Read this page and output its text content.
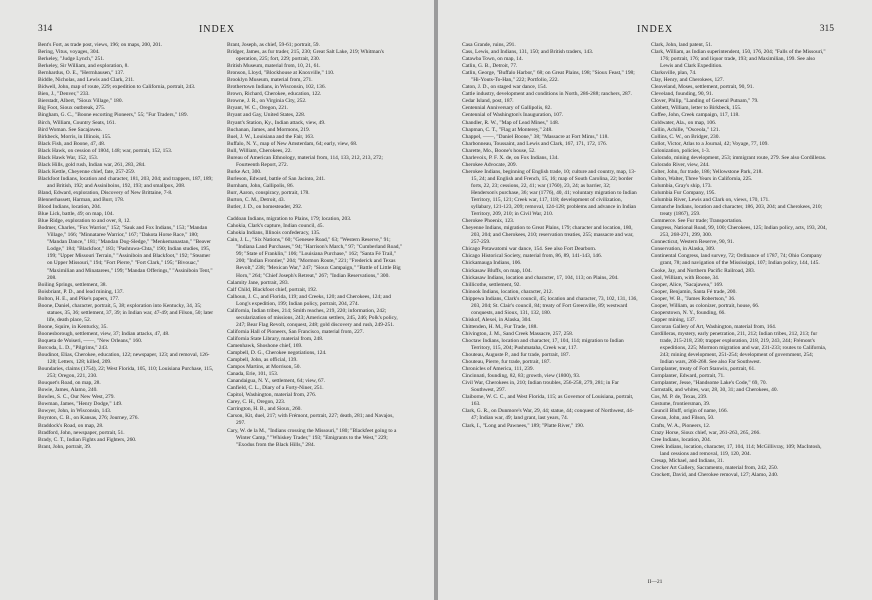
314	INDEX
Bent's Fort, as trade post, views, 196; on maps, 200, 201.
Bering, Vitus, voyages, 304.
Berkeley, "Judge Lynch," 251.
Berkeley, Sir William, and exploration, 8.
Bernhardus, O. E., "Herrnhausen," 137.
Biddle, Nicholas, and Lewis and Clark, 211.
Bidwell, John, map of route, 229; expedition to California, portrait, 243.
Bien, J., "Denver," 233.
Bierstadt, Albert, "Sioux Village," 180.
Big Foot, Sioux outbreak, 275.
Bingham, G. C., "Boone escorting Pioneers," 55; "Fur Traders," 189.
Birch, William, Country Seats, 161.
Bird Woman. See Sacajawea.
Birkbeck, Morris, in Illinois, 155.
Black Fish, and Boone, 47, 48.
Black Hawk, on cession of 1804, 148; war, portrait, 152, 153.
Black Hawk War, 152, 153.
Black Hills, gold rush, Indian war, 261, 283, 284.
Black Kettle, Cheyenne chief, fate, 257-259.
Blackfoot Indians, location and character, 181, 203, 204; and trappers, 187, 189; and British, 192; and Assiniboins, 192, 193; and smallpox, 208.
Bland, Edward, exploration, Discovery of New Brittaine, 7-8.
Blennerhassett, Harman, and Burr, 178.
Blood Indians, location, 204.
Blue Lick, battle, 49; on map, 104.
Blue Ridge, exploration to and over, 8, 12.
Bodmer, Charles, "Fox Warrior," 152; "Sauk and Fox Indians," 153; "Mandan Village," 166; "Minnataree Warrior," 167; "Dakota Horse Race," 180; "Mandan Dance," 181; "Mandan Dog-Sledge," "Menkemanastan," "Beaver Lodge," 184; "Blackfoot," 183; "Pashtuwa-Chta," 190; Indian studies, 195, 199; "Upper Missouri Terrain," "Assiniboin and Blackfoot," 192; "Steamer on Upper Missouri," 194; "Fort Pierre," "Fort Clark," 195; "Bivouac," "Maximilian and Minatarees," 199; "Mandan Offerings," "Assiniboin Tent," 208.
Boiling Springs, settlement, 38.
Boisbriant, P. D., and lead mining, 137.
Bolton, H. E., and Pike's papers, 177.
Boone, Daniel, character, portrait, 5, 38; exploration into Kentucky, 34, 35; statues, 35, 36; settlement, 37, 39; in Indian war, 47-49; and Filson, 50; later life, death place, 52.
Boone, Squire, in Kentucky, 35.
Boonesborough, settlement, view, 37; Indian attacks, 47, 48.
Boqueta de Woiseri, ——, "New Orleans," 160.
Borcoda, L. D., "Pilgrims," 243.
Boudinot, Elias, Cherokee, education, 122; newspaper, 123; and removal, 126-128; Letters, 128; killed, 209.
Boundaries, claims (1754), 22; West Florida, 105, 110; Louisiana Purchase, 115, 253; Oregon, 221, 230.
Bouquet's Road, on map, 28.
Bowie, James, Alamo, 240.
Bowles, S. C., Our New West, 279.
Bowman, James, "Henry Dodge," 149.
Bowyer, John, in Wisconsin, 143.
Boynton, C. B., on Kansas, 276; Journey, 276.
Braddock's Road, on map, 28.
Bradford, John, newspaper, portrait, 51.
Brady, C. T., Indian Fights and Fighters, 260.
Brant, John, portrait, 39.
Brant, Joseph, as chief, 59-61; portrait, 59.
Bridger, James, as fur trader, 215, 230; Great Salt Lake, 219; Whitman's operation, 225; fort, 229; portrait, 230.
British Museum, material from, 10, 21, 61.
Bronson, Lloyd, "Blockhouse at Knoxville," 110.
Brooklyn Museum, material from, 271.
Brothertown Indians, in Wisconsin, 102, 136.
Brown, Richard, Cherokee, education, 122.
Browne, J. R., on Virginia City, 252.
Bryant, W. C., Oregon, 221.
Bryant and Gay, United States, 228.
Bryant's Station, Ky., Indian attack, view, 49.
Buchanan, James, and Mormons, 219.
Buel, J. W., Louisiana and the Fair, 163.
Buffalo, N. Y., map of New Amsterdam, 64; early, view, 68.
Bull, William, Cherokees, 22.
Bureau of American Ethnology, material from, 114, 133, 212, 213, 272; Fourteenth Report, 272.
Burke Act, 300.
Burleson, Edward, battle of San Jacinto, 241.
Burnham, John, Gallipolis, 86.
Burr, Aaron, conspiracy, portrait, 178.
Burton, C. M., Detroit, 43.
Butler, J. D., on homesteader, 292.
Caddoan Indians, migration to Plains, 179; location, 203.
Cahokia, Clark's capture, Indian council, 45.
Cahokia Indians, Illinois confederacy, 135.
Cain, J. L., "Six Nations," 60; "Genesee Road," 63; "Western Reserve," 91; "Indiana Land Purchases," 94; "Harrison's March," 97; "Cumberland Road," 99; "State of Franklin," 106; "Louisiana Purchase," 162; "Santa Fé Trail," 200; "Indian Frontier," 204; "Mormon Route," 221; "Frederick and Texas Revolt," 238; "Mexican War," 247; "Sioux Campaign," "Battle of Little Big Horn," 264; "Chief Joseph's Retreat," 267; "Indian Reservations," 300.
Calamity Jane, portrait, 283.
Calf Child, Blackfoot chief, portrait, 192.
Calhoun, J. C., and Florida, 119; and Creeks, 120; and Cherokees, 124; and Long's expedition, 199; Indian policy, portrait, 204, 274.
California, Indian tribes, 214; Smith reaches, 219, 220; information, 242; secularization of missions, 243; American settlers, 245, 246; Polk's policy, 247; Bear Flag Revolt, conquest, 248; gold discovery and rush, 249-251.
California Hall of Pioneers, San Francisco, material from, 227.
California State Library, material from, 248.
Camenhawk, Shoshone chief, 169.
Campbell, D. G., Cherokee negotiations, 124.
Campbell, John, as official, 139.
Campos Martins, at Morrison, 50.
Canada, Erie, 101, 153.
Canandaigua, N. Y., settlement, 64; view, 67.
Canfield, C. L., Diary of a Forty-Niner, 251.
Capitol, Washington, material from, 276.
Carey, C. H., Oregon, 223.
Carrington, H. B., and Sioux, 260.
Carson, Kit, duel, 217; with Frémont, portrait, 227; death, 281; and Navajos, 297.
Cary, W. de la M., "Indians crossing the Missouri," 180; "Blackfeet going to a Winter Camp," "Whiskey Trader," 193; "Emigrants to the West," 229; "Exodus from the Black Hills," 284.
INDEX	315
Casa Grande, ruins, 291.
Cass, Lewis, and Indians, 131, 150; and British traders, 143.
Catawba Town, on map, 14.
Catlin, G. B., Detroit, 77.
Catlin, George, "Buffalo Harbor," 68; on Great Plains, 198; "Sioux Feast," 198; "Hi-Youts-To-Han," 222; Portfolio, 222.
Caton, J. D., on staged war dance, 154.
Cattle industry, development and conditions in North, 286-288; ranchers, 287.
Cedar Island, post, 187.
Centennial Anniversary of Gallipolis, 82.
Centennial of Washington's Inauguration, 107.
Chandler, R. W., "Map of Lead Mines," 148.
Chapman, C. T., "Flag at Monterey," 248.
Chappel, ——, "Daniel Boone," 38; "Massacre at Fort Mims," 118.
Charbonneau, Toussaint, and Lewis and Clark, 167, 171, 172, 176.
Charette, Mo., Boone's house, 52.
Charlevoix, P. F. X. de, on Fox Indians, 134.
Cherokee Advocate, 209.
Cherokee Indians, beginning of English trade, 10; culture and country, map, 13-15, 24; and English and French, 15, 16; map of South Carolina, 22; border forts, 22, 23; cessions, 22, 41; war (1760), 23, 24; as barrier, 32; Henderson's purchase, 36; war (1776), 40, 41; voluntary migration to Indian Territory, 115, 121; Creek war, 117, 118; development of civilization, syllabary, 121-123, 209; removal, 124-128; problems and advance in Indian Territory, 209, 210; in Civil War, 210.
Cherokee Phoenix, 123.
Cheyenne Indians, migration to Great Plains, 179; character and location, 180, 203, 204; and Cherokees, 210; reservation treaties, 255; massacre and war, 257-259.
Chicago Potawatomi war dance, 154. See also Fort Dearborn.
Chicago Historical Society, material from, 86, 89, 141-143, 146.
Chickamauga Indians, 106.
Chickasaw Bluffs, on map, 104.
Chickasaw Indians, location and character, 17, 104, 113; on Plains, 204.
Chillicothe, settlement, 92.
Chinook Indians, location, character, 212.
Chippewa Indians, Clark's council, 45; location and character, 73, 102, 131, 136, 203, 204; St. Clair's council, 84; treaty of Fort Greenville, 89; westward conquests, and Sioux, 131, 132, 180.
Chiskof, Alexei, in Alaska, 304.
Chittenden, H. M., Fur Trade, 188.
Chivington, J. M., Sand Creek Massacre, 257, 258.
Choctaw Indians, location and character, 17, 104, 114; migration to Indian Territory, 115, 204; Pushmataha, Creek war, 117.
Chouteau, Auguste P., and fur trade, portrait, 187.
Chouteau, Pierre, fur trade, portrait, 187.
Chronicles of America, 111, 239.
Cincinnati, founding, 82, 83; growth, view (1800), 93.
Civil War, Cherokees in, 210; Indian troubles, 256-258, 279, 281; in Far Southwest, 297.
Claiborne, W. C. C., and West Florida, 115; as Governor of Louisiana, portrait, 163.
Clark, G. R., on Dunmore's War, 29, 44; statue, 44; conquest of Northwest, 44-47; Indian war, 49; land grant, last years, 74.
Clark, I., "Long and Pawnees," 189; "Platte River," 190.
Clark, John, land patent, 51.
Clark, William, as Indian superintendent, 150, 176, 204; "Falls of the Missouri," 176; portrait, 176; and liquor trade, 193; and Maximilian, 199. See also Lewis and Clark Expedition.
Clarksville, plan, 74.
Clay, Henry, and Cherokees, 127.
Cleaveland, Moses, settlement, portrait, 90, 91.
Cleveland, founding, 90, 91.
Clover, Philip, "Landing of General Putnam," 79.
Cobbett, William, letter to Birkbeck, 155.
Coffee, John, Creek campaign, 117, 118.
Coldwater, Ala., on map, 106.
Collin, Achille, "Osceola," 121.
Collins, C. W., on Bridger, 230.
Collot, Victor, Atlas to a Journal, 42; Voyage, 77, 109.
Colonization, policies, 1-3.
Colorado, mining development, 253; immigrant route, 279. See also Cordilleras.
Colorado River, view, 244.
Colter, John, fur trade, 186; Yellowstone Park, 218.
Colton, Walter, Three Years in California, 225.
Columbia, Gray's ship, 173.
Columbia Fur Company, 195.
Columbia River, Lewis and Clark on, views, 170, 171.
Comanche Indians, location and character, 186, 203, 204; and Cherokees, 210; treaty (1867), 259.
Commerce. See Fur trade; Transportation.
Congress, National Road, 99, 100; Cherokees, 125; Indian policy, acts, 193, 204, 253, 268-271, 299, 300.
Connecticut, Western Reserve, 90, 91.
Conservation, in Alaska, 309.
Continental Congress, land survey, 72; Ordinance of 1787, 74; Ohio Company grant, 78; and navigation of the Mississippi, 107; Indian policy, 144, 145.
Cooke, Jay, and Northern Pacific Railroad, 283.
Cool, William, with Boone, 34.
Cooper, Alice, "Sacajawea," 169.
Cooper, Benjamin, Santa Fé trade, 200.
Cooper, W. B., "James Robertson," 36.
Cooper, William, as colonizer, portrait, house, 66.
Cooperstown, N. Y., founding, 66.
Copper mining, 137.
Corcoran Gallery of Art, Washington, material from, 164.
Cordilleras, mystery, early penetration, 211, 212; Indian tribes, 212, 213; fur trade, 215-218, 230; trapper exploration, 218, 219, 243, 244; Frémont's expeditions, 225; Mormon migration and war, 231-233; routes to California, 243; mining development, 251-254; development of government, 254; Indian wars, 260-268. See also Far Southwest.
Cornplanter, treaty of Fort Stanwix, portrait, 61.
Cornplanter, Edward, portrait, 71.
Cornplanter, Jesse, "Handsome Lake's Code," 69, 70.
Cornstalk, and whites, war, 28, 30, 31; and Cherokees, 40.
Cos, M. P. de, Texas, 239.
Costume, frontiersman, 39.
Council Bluff, origin of name, 166.
Cowan, John, and Filson, 50.
Crafts, W. A., Pioneers, 12.
Crazy Horse, Sioux chief, war, 261-263, 265, 266.
Cree Indians, location, 204.
Creek Indians, location, character, 17, 104, 114; McGillivray, 109; MacIntosh, land cessions and removal, 119, 120, 204.
Cresap, Michael, and Indians, 31.
Crocker Art Gallery, Sacramento, material from, 242, 250.
Crockett, David, and Cherokee removal, 127; Alamo, 240.
II—21
